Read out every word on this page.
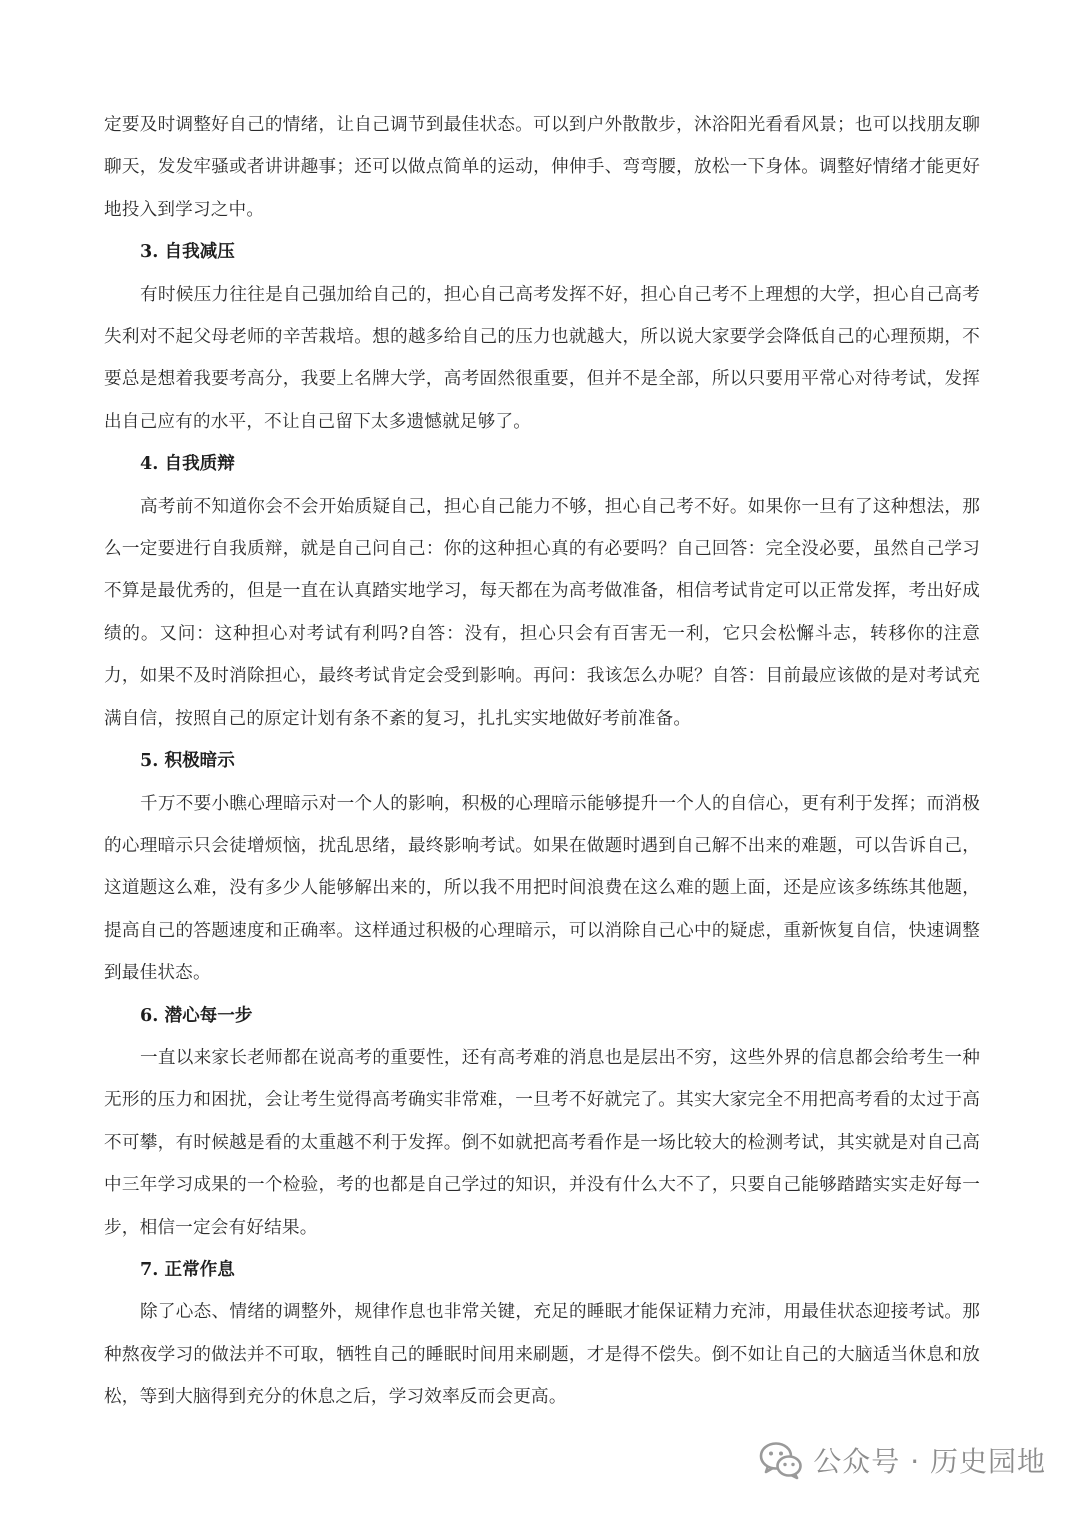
定要及时调整好自己的情绪，让自己调节到最佳状态。可以到户外散散步，沐浴阳光看看风景；也可以找朋友聊聊天，发发牢骚或者讲讲趣事；还可以做点简单的运动，伸伸手、弯弯腰，放松一下身体。调整好情绪才能更好地投入到学习之中。

3. 自我减压

有时候压力往往是自己强加给自己的，担心自己高考发挥不好，担心自己考不上理想的大学，担心自己高考失利对不起父母老师的辛苦栽培。想的越多给自己的压力也就越大，所以说大家要学会降低自己的心理预期，不要总是想着我要考高分，我要上名牌大学，高考固然很重要，但并不是全部，所以只要用平常心对待考试，发挥出自己应有的水平，不让自己留下太多遗憾就足够了。

4. 自我质辩

高考前不知道你会不会开始质疑自己，担心自己能力不够，担心自己考不好。如果你一旦有了这种想法，那么一定要进行自我质辩，就是自己问自己：你的这种担心真的有必要吗？自己回答：完全没必要，虽然自己学习不算是最优秀的，但是一直在认真踏实地学习，每天都在为高考做准备，相信考试肯定可以正常发挥，考出好成绩的。又问：这种担心对考试有利吗?自答：没有，担心只会有百害无一利，它只会松懈斗志，转移你的注意力，如果不及时消除担心，最终考试肯定会受到影响。再问：我该怎么办呢？自答：目前最应该做的是对考试充满自信，按照自己的原定计划有条不紊的复习，扎扎实实地做好考前准备。

5. 积极暗示

千万不要小瞧心理暗示对一个人的影响，积极的心理暗示能够提升一个人的自信心，更有利于发挥；而消极的心理暗示只会徒增烦恼，扰乱思绪，最终影响考试。如果在做题时遇到自己解不出来的难题，可以告诉自己，这道题这么难，没有多少人能够解出来的，所以我不用把时间浪费在这么难的题上面，还是应该多练练其他题，提高自己的答题速度和正确率。这样通过积极的心理暗示，可以消除自己心中的疑虑，重新恢复自信，快速调整到最佳状态。

6. 潜心每一步

一直以来家长老师都在说高考的重要性，还有高考难的消息也是层出不穷，这些外界的信息都会给考生一种无形的压力和困扰，会让考生觉得高考确实非常难，一旦考不好就完了。其实大家完全不用把高考看的太过于高不可攀，有时候越是看的太重越不利于发挥。倒不如就把高考看作是一场比较大的检测考试，其实就是对自己高中三年学习成果的一个检验，考的也都是自己学过的知识，并没有什么大不了，只要自己能够踏踏实实走好每一步，相信一定会有好结果。

7. 正常作息

除了心态、情绪的调整外，规律作息也非常关键，充足的睡眠才能保证精力充沛，用最佳状态迎接考试。那种熬夜学习的做法并不可取，牺牲自己的睡眠时间用来刷题，才是得不偿失。倒不如让自己的大脑适当休息和放松，等到大脑得到充分的休息之后，学习效率反而会更高。

公众号 · 历史园地
